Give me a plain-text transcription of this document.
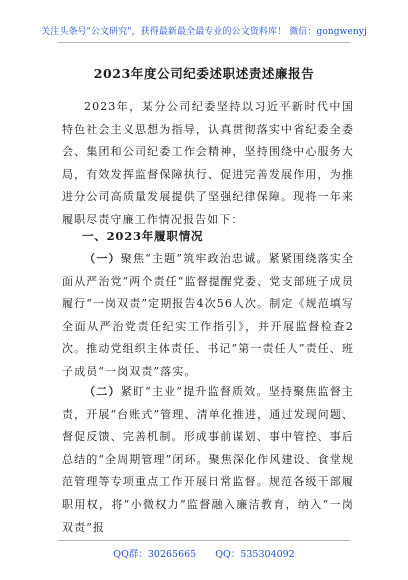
关注头条号"公文研究"，获得最新最全最专业的公文资料库！ 微信：gongwenyj
2023年度公司纪委述职述责述廉报告
2023年，某分公司纪委坚持以习近平新时代中国特色社会主义思想为指导，认真贯彻落实中省纪委全委会、集团和公司纪委工作会精神，坚持围绕中心服务大局，有效发挥监督保障执行、促进完善发展作用，为推进分公司高质量发展提供了坚强纪律保障。现将一年来履职尽责守廉工作情况报告如下：
一、2023年履职情况
（一）聚焦“主题”筑牢政治忠诚。紧紧围绕落实全面从严治党“两个责任”监督提醒党委、党支部班子成员履行“一岗双责”定期报告4次56人次。制定《规范填写全面从严治党责任纪实工作指引》，并开展监督检查2次。推动党组织主体责任、书记“第一责任人”责任、班子成员“一岗双责”落实。
（二）紧盯“主业”提升监督质效。坚持聚焦监督主责，开展“台账式”管理、清单化推进，通过发现问题、督促反馈、完善机制。形成事前谋划、事中管控、事后总结的“全周期管理”闭环。聚焦深化作风建设、食堂规范管理等专项重点工作开展日常监督。规范各级干部履职用权，将“小微权力”监督融入廉洁教育，纳入“一岗双责”报
QQ群：30265665 QQ：535304092
